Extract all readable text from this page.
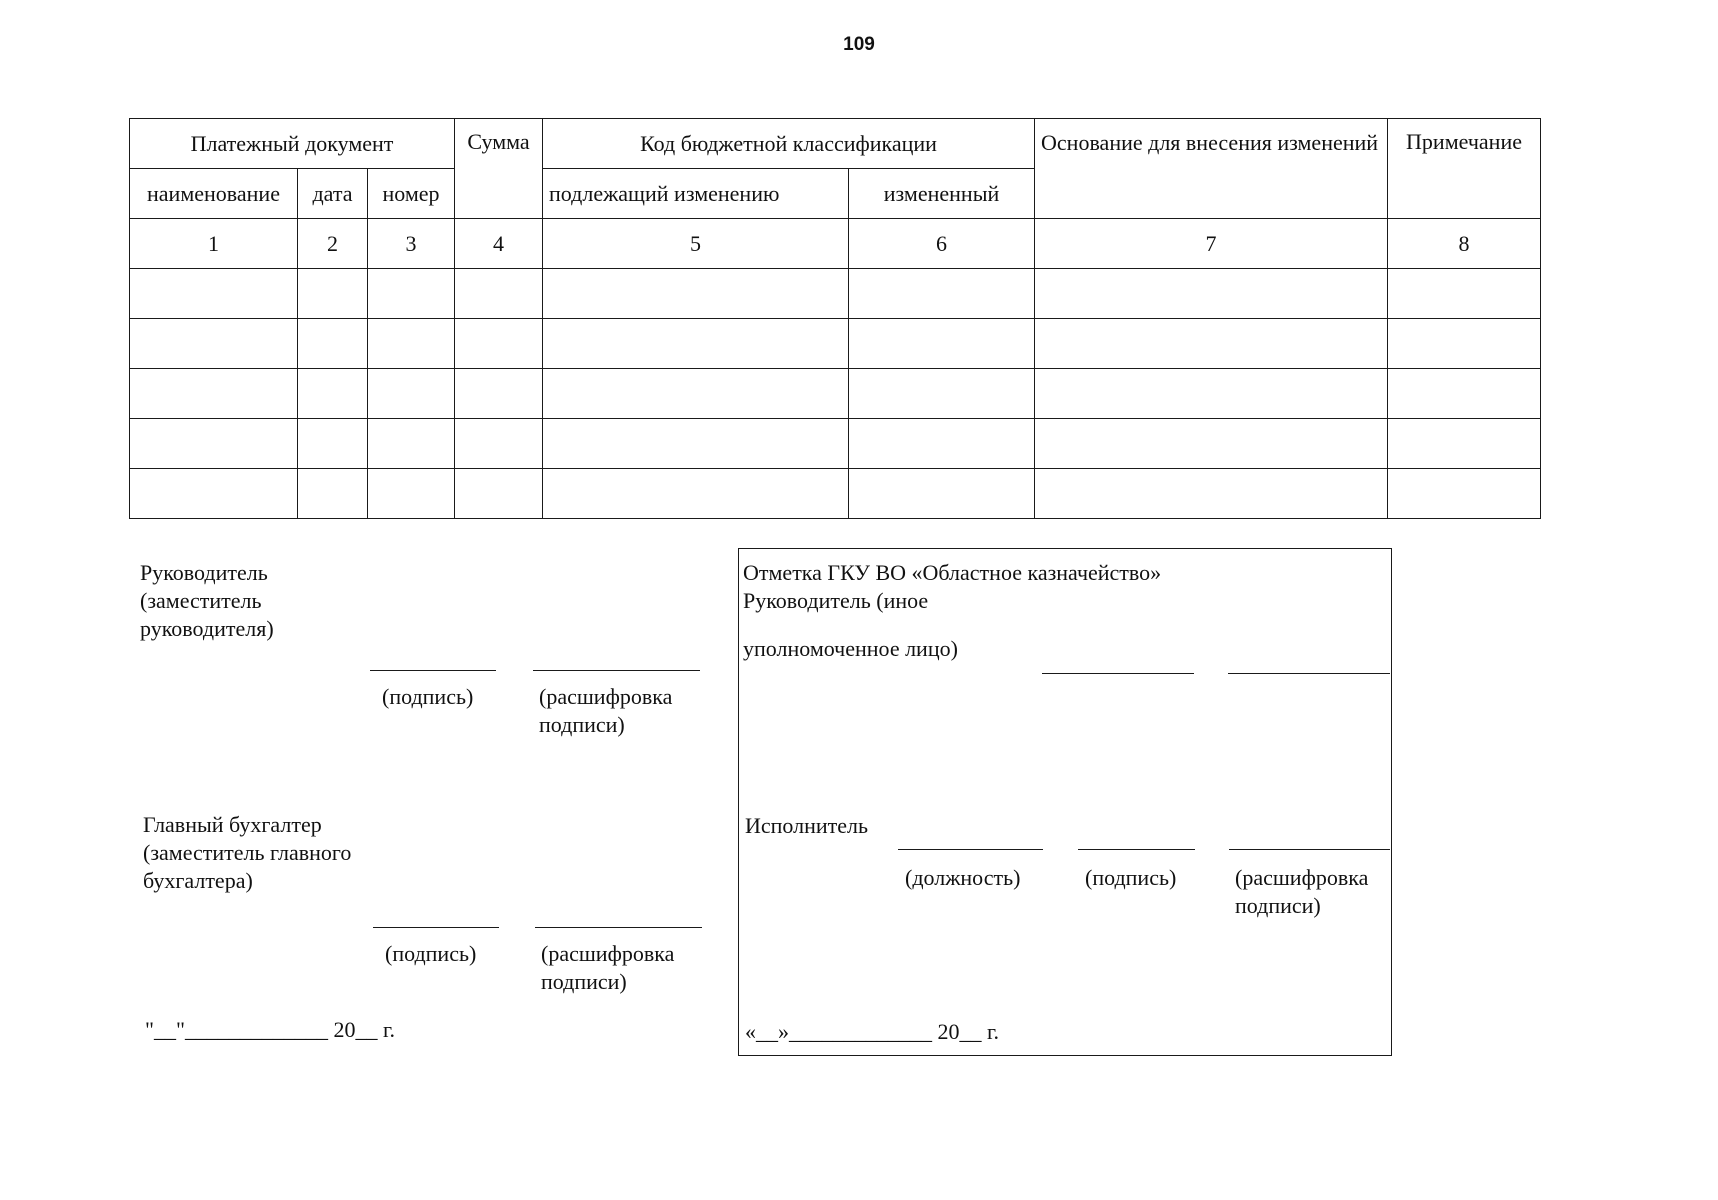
109
Платежный документ			Сумма	Код бюджетной классификации		Основание для внесения изменений	Примечание
наименование	дата	номер		подлежащий изменению	измененный		
1	2	3	4	5	6	7	8

Руководитель (заместитель руководителя)
(подпись)	(расшифровка подписи)
Главный бухгалтер (заместитель главного бухгалтера)
(подпись)	(расшифровка подписи)
"__"_____________ 20__ г.
Отметка ГКУ ВО «Областное казначейство»
Руководитель (иное
уполномоченное лицо)
Исполнитель
(должность)	(подпись)	(расшифровка подписи)
«__»_____________ 20__ г.
